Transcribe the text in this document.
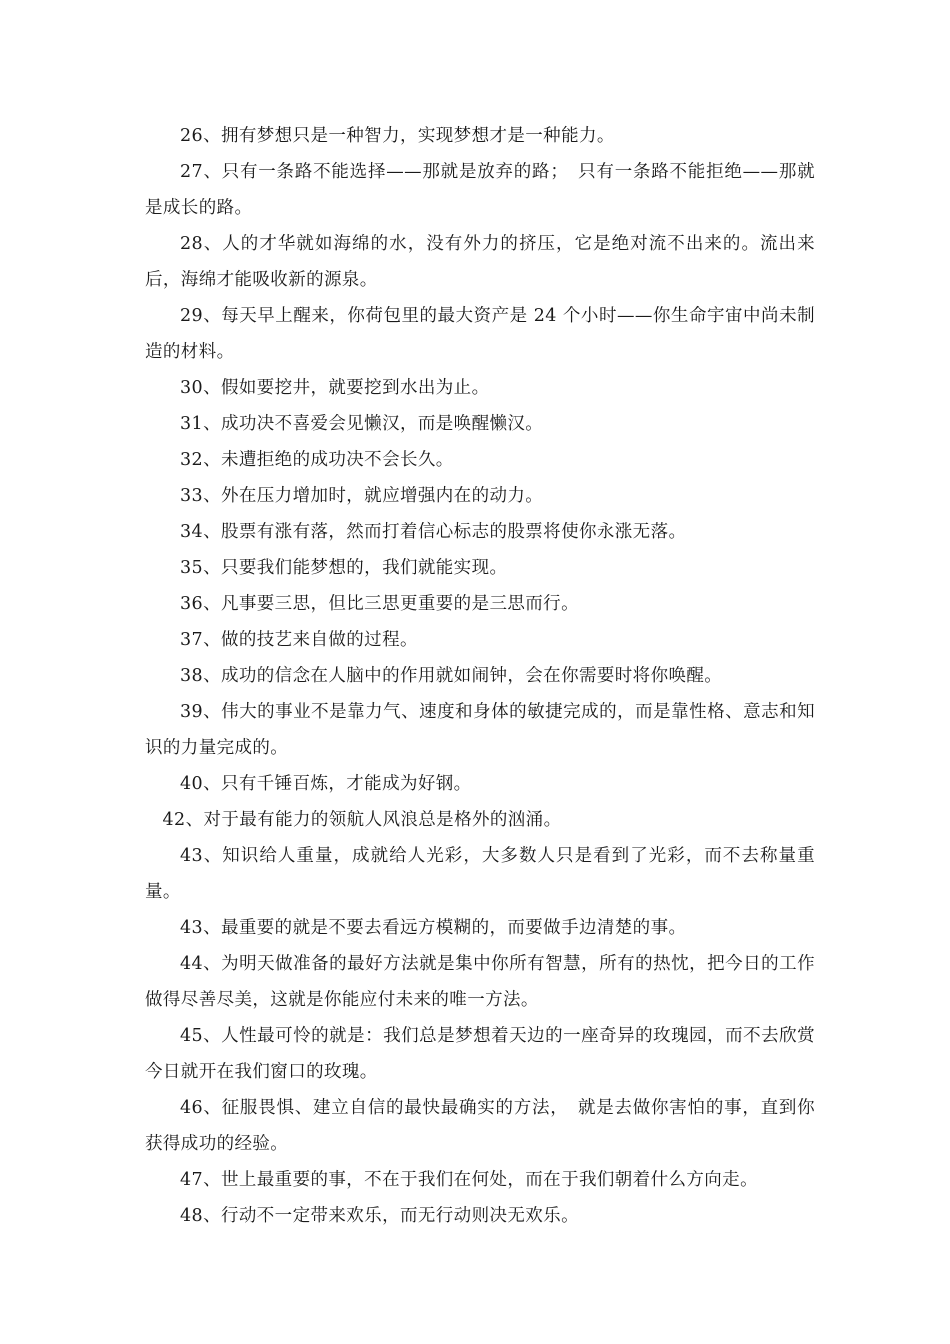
26、拥有梦想只是一种智力，实现梦想才是一种能力。

27、只有一条路不能选择——那就是放弃的路；　只有一条路不能拒绝——那就是成长的路。

28、人的才华就如海绵的水，没有外力的挤压，它是绝对流不出来的。流出来后，海绵才能吸收新的源泉。

29、每天早上醒来，你荷包里的最大资产是 24 个小时——你生命宇宙中尚未制造的材料。

30、假如要挖井，就要挖到水出为止。

31、成功决不喜爱会见懒汉，而是唤醒懒汉。

32、未遭拒绝的成功决不会长久。

33、外在压力增加时，就应增强内在的动力。

34、股票有涨有落，然而打着信心标志的股票将使你永涨无落。

35、只要我们能梦想的，我们就能实现。

36、凡事要三思，但比三思更重要的是三思而行。

37、做的技艺来自做的过程。

38、成功的信念在人脑中的作用就如闹钟，会在你需要时将你唤醒。

39、伟大的事业不是靠力气、速度和身体的敏捷完成的，而是靠性格、意志和知识的力量完成的。

40、只有千锤百炼，才能成为好钢。

42、对于最有能力的领航人风浪总是格外的汹涌。

43、知识给人重量，成就给人光彩，大多数人只是看到了光彩，而不去称量重量。

43、最重要的就是不要去看远方模糊的，而要做手边清楚的事。

44、为明天做准备的最好方法就是集中你所有智慧，所有的热忱，把今日的工作做得尽善尽美，这就是你能应付未来的唯一方法。

45、人性最可怜的就是：我们总是梦想着天边的一座奇异的玫瑰园，而不去欣赏今日就开在我们窗口的玫瑰。

46、征服畏惧、建立自信的最快最确实的方法，　就是去做你害怕的事，直到你获得成功的经验。

47、世上最重要的事，不在于我们在何处，而在于我们朝着什么方向走。

48、行动不一定带来欢乐，而无行动则决无欢乐。
